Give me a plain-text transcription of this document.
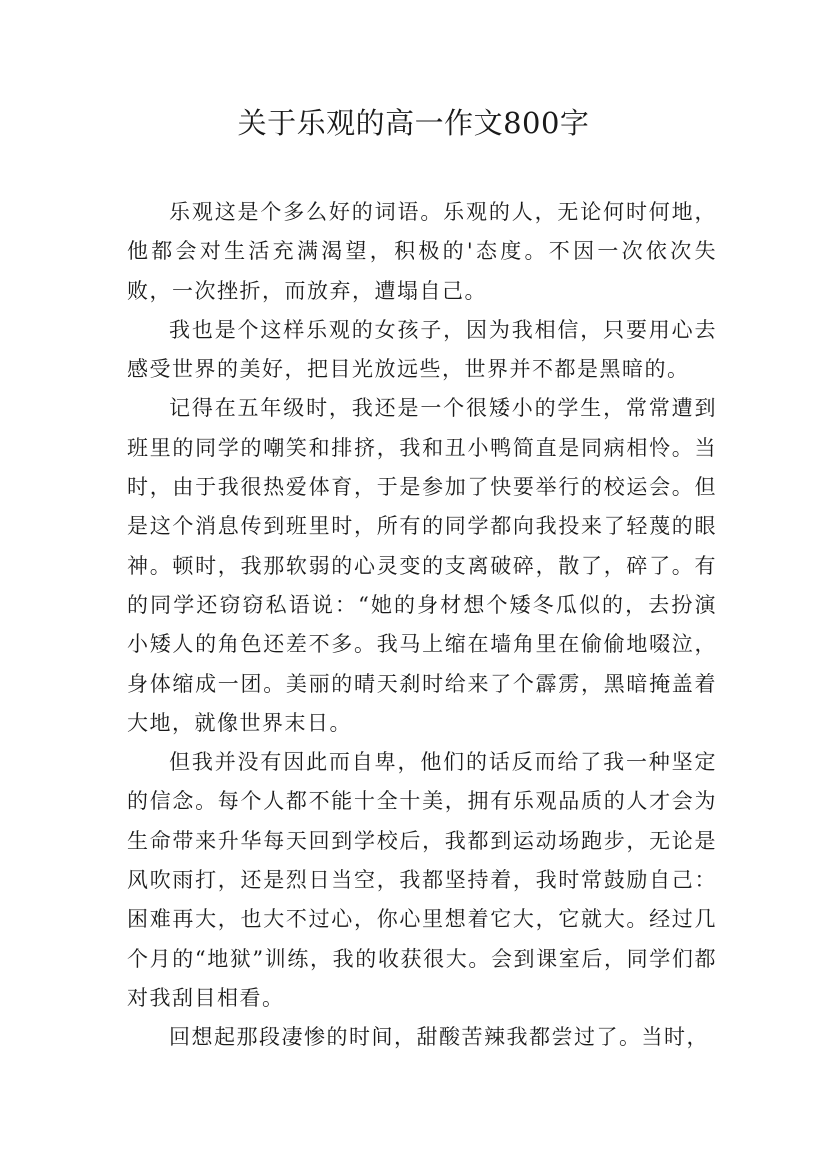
关于乐观的高一作文800字

乐观这是个多么好的词语。乐观的人，无论何时何地，他都会对生活充满渴望，积极的'态度。不因一次依次失败，一次挫折，而放弃，遭塌自己。

我也是个这样乐观的女孩子，因为我相信，只要用心去感受世界的美好，把目光放远些，世界并不都是黑暗的。

记得在五年级时，我还是一个很矮小的学生，常常遭到班里的同学的嘲笑和排挤，我和丑小鸭简直是同病相怜。当时，由于我很热爱体育，于是参加了快要举行的校运会。但是这个消息传到班里时，所有的同学都向我投来了轻蔑的眼神。顿时，我那软弱的心灵变的支离破碎，散了，碎了。有的同学还窃窃私语说：“她的身材想个矮冬瓜似的，去扮演小矮人的角色还差不多。我马上缩在墙角里在偷偷地啜泣，身体缩成一团。美丽的晴天刹时给来了个霹雳，黑暗掩盖着大地，就像世界末日。

但我并没有因此而自卑，他们的话反而给了我一种坚定的信念。每个人都不能十全十美，拥有乐观品质的人才会为生命带来升华每天回到学校后，我都到运动场跑步，无论是风吹雨打，还是烈日当空，我都坚持着，我时常鼓励自己：困难再大，也大不过心，你心里想着它大，它就大。经过几个月的“地狱”训练，我的收获很大。会到课室后，同学们都对我刮目相看。

回想起那段凄惨的时间，甜酸苦辣我都尝过了。当时，
